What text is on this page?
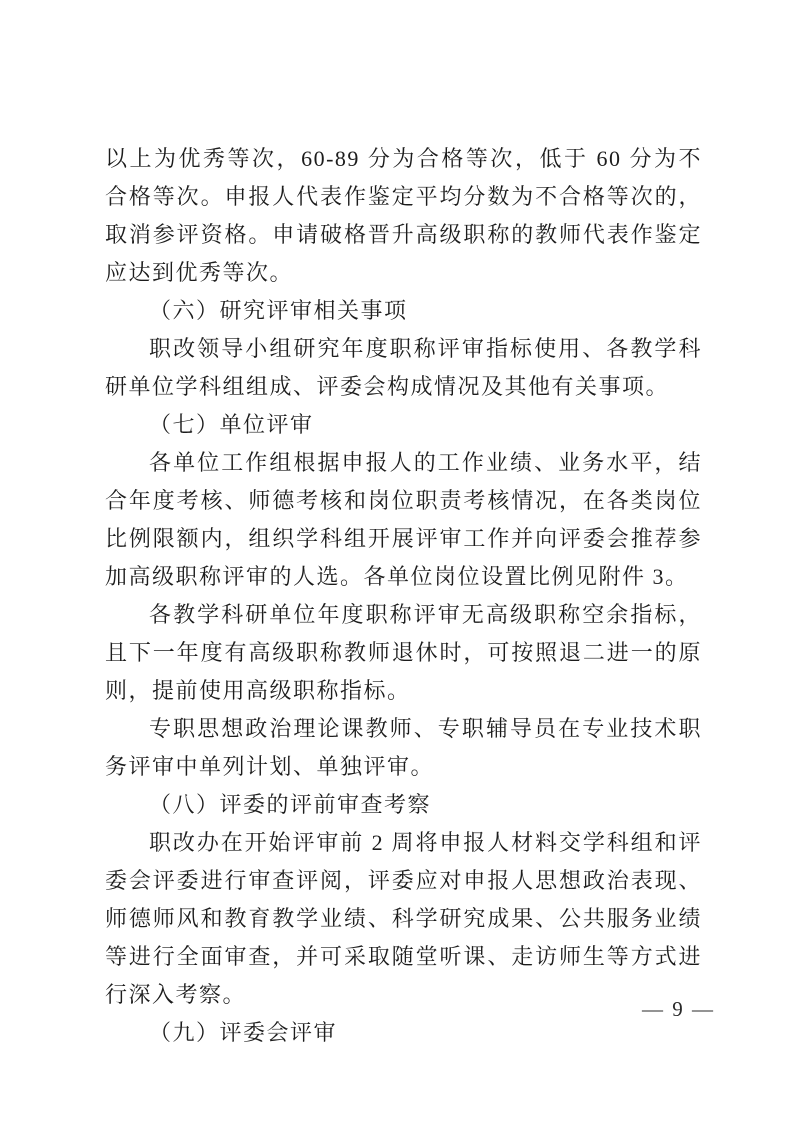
以上为优秀等次，60-89 分为合格等次，低于 60 分为不合格等次。申报人代表作鉴定平均分数为不合格等次的，取消参评资格。申请破格晋升高级职称的教师代表作鉴定应达到优秀等次。

（六）研究评审相关事项

职改领导小组研究年度职称评审指标使用、各教学科研单位学科组组成、评委会构成情况及其他有关事项。

（七）单位评审

各单位工作组根据申报人的工作业绩、业务水平，结合年度考核、师德考核和岗位职责考核情况，在各类岗位比例限额内，组织学科组开展评审工作并向评委会推荐参加高级职称评审的人选。各单位岗位设置比例见附件 3。

各教学科研单位年度职称评审无高级职称空余指标，且下一年度有高级职称教师退休时，可按照退二进一的原则，提前使用高级职称指标。

专职思想政治理论课教师、专职辅导员在专业技术职务评审中单列计划、单独评审。

（八）评委的评前审查考察

职改办在开始评审前 2 周将申报人材料交学科组和评委会评委进行审查评阅，评委应对申报人思想政治表现、师德师风和教育教学业绩、科学研究成果、公共服务业绩等进行全面审查，并可采取随堂听课、走访师生等方式进行深入考察。

（九）评委会评审

— 9 —
